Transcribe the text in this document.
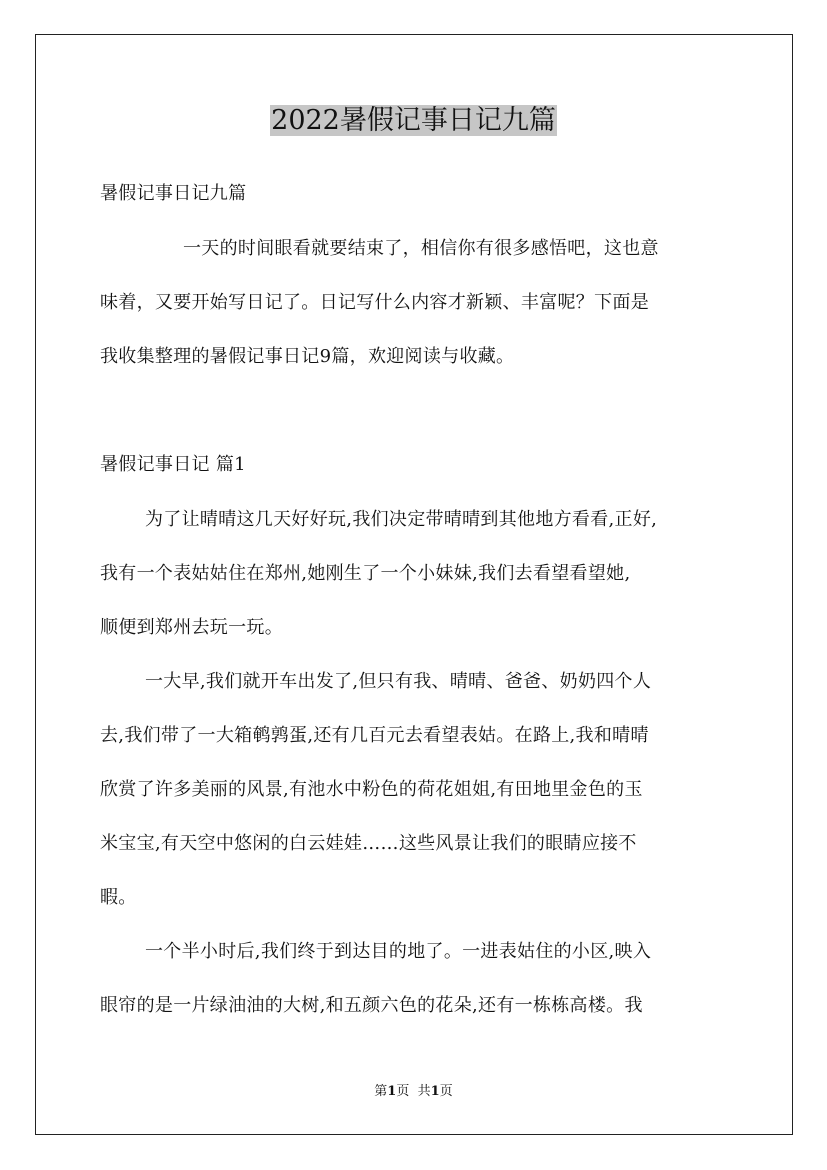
2022暑假记事日记九篇
暑假记事日记九篇
一天的时间眼看就要结束了，相信你有很多感悟吧，这也意
味着，又要开始写日记了。日记写什么内容才新颖、丰富呢？下面是
我收集整理的暑假记事日记9篇，欢迎阅读与收藏。
暑假记事日记 篇1
为了让晴晴这几天好好玩,我们决定带晴晴到其他地方看看,正好,
我有一个表姑姑住在郑州,她刚生了一个小妹妹,我们去看望看望她,
顺便到郑州去玩一玩。
一大早,我们就开车出发了,但只有我、晴晴、爸爸、奶奶四个人
去,我们带了一大箱鹌鹑蛋,还有几百元去看望表姑。在路上,我和晴晴
欣赏了许多美丽的风景,有池水中粉色的荷花姐姐,有田地里金色的玉
米宝宝,有天空中悠闲的白云娃娃……这些风景让我们的眼睛应接不
暇。
一个半小时后,我们终于到达目的地了。一进表姑住的小区,映入
眼帘的是一片绿油油的大树,和五颜六色的花朵,还有一栋栋高楼。我
第1页 共1页
